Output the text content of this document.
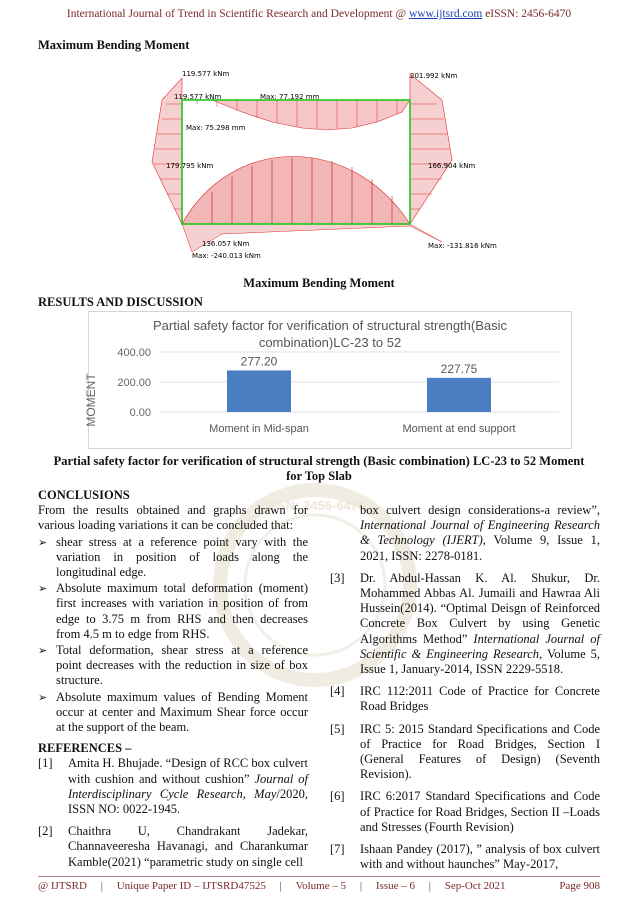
International Journal of Trend in Scientific Research and Development @ www.ijtsrd.com eISSN: 2456-6470
Maximum Bending Moment
119.577 kNm
119.577 kNm	Max: 77.192 mm
201.992 kNm
Max: 75.298 mm
179.795 kNm	166.904 kNm
136.057 kNm
Max: -240.013 kNm
Max: -131.816 kNm
Maximum Bending Moment
RESULTS AND DISCUSSION
Partial safety factor for verification of structural strength(Basic
combination)LC-23 to 52
MOMENT	0.00
200.00
400.00
277.20
227.75
Moment in Mid-span	Moment at end support
Partial safety factor for verification of structural strength (Basic combination) LC-23 to 52 Moment
for Top Slab
ISSN: 2456-6470

CONCLUSIONS

From the results obtained and graphs drawn for various loading variations it can be concluded that:

➢ shear stress at a reference point vary with the variation in position of loads along the longitudinal edge.
➢ Absolute maximum total deformation (moment) first increases with variation in position of from edge to 3.75 m from RHS and then decreases from 4.5 m to edge from RHS.
➢ Total deformation, shear stress at a reference point decreases with the reduction in size of box structure.
➢ Absolute maximum values of Bending Moment occur at center and Maximum Shear force occur at the support of the beam.

REFERENCES –

[1] Amita H. Bhujade. “Design of RCC box culvert with cushion and without cushion” Journal of Interdisciplinary Cycle Research, May/2020, ISSN NO: 0022-1945.
[2] Chaithra U, Chandrakant Jadekar, Channaveeresha Havanagi, and Charankumar Kamble(2021) “parametric study on single cell
box culvert design considerations-a review”, International Journal of Engineering Research & Technology (IJERT), Volume 9, Issue 1, 2021, ISSN: 2278-0181.
[3] Dr. Abdul-Hassan K. Al. Shukur, Dr. Mohammed Abbas Al. Jumaili and Hawraa Ali Hussein(2014). “Optimal Deisgn of Reinforced Concrete Box Culvert by using Genetic Algorithms Method” International Journal of Scientific & Engineering Research, Volume 5, Issue 1, January-2014, ISSN 2229-5518.
[4] IRC 112:2011 Code of Practice for Concrete Road Bridges
[5] IRC 5: 2015 Standard Specifications and Code of Practice for Road Bridges, Section I (General Features of Design) (Seventh Revision).
[6] IRC 6:2017 Standard Specifications and Code of Practice for Road Bridges, Section II –Loads and Stresses (Fourth Revision)
[7] Ishaan Pandey (2017), ” analysis of box culvert with and without haunches” May-2017,
@ IJTSRD | Unique Paper ID – IJTSRD47525 | Volume – 5 | Issue – 6 | Sep-Oct 2021	Page 908
